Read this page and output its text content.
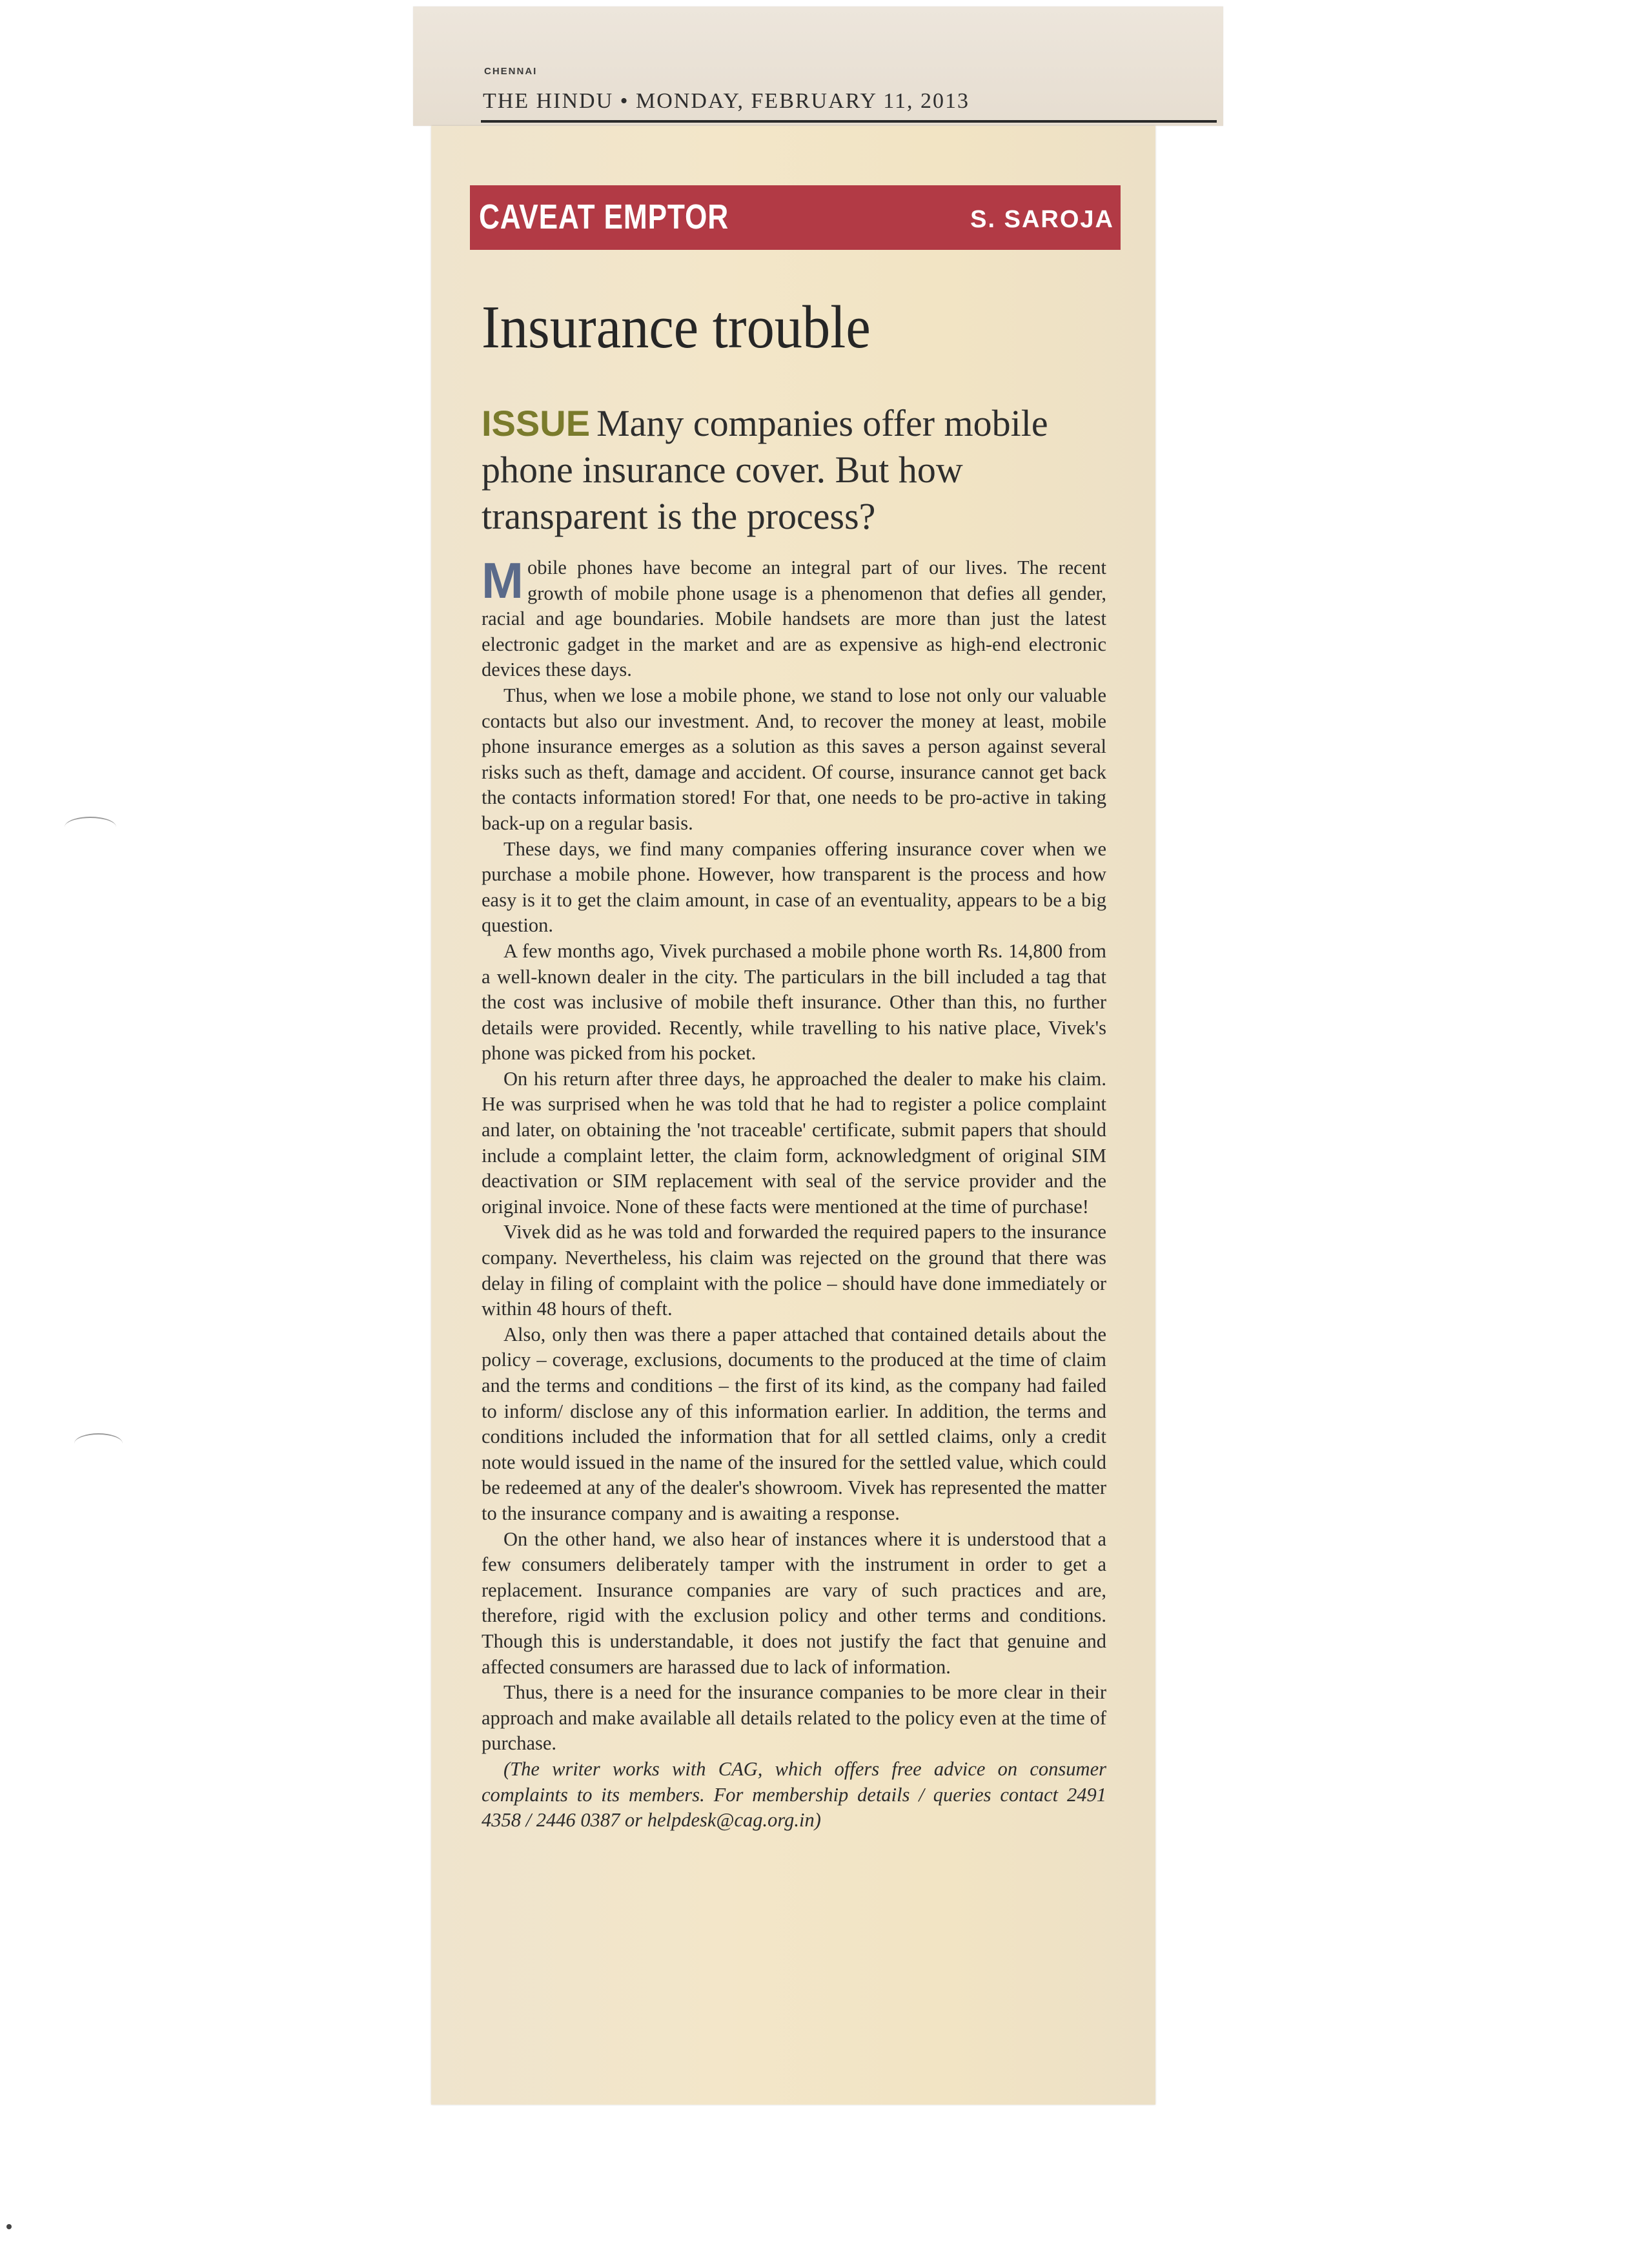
CHENNAI
THE HINDU • MONDAY, FEBRUARY 11, 2013
CAVEAT EMPTOR	S. SAROJA
Insurance trouble
ISSUE Many companies offer mobile phone insurance cover. But how transparent is the process?

Mobile phones have become an integral part of our lives. The recent growth of mobile phone usage is a phenomenon that defies all gender, racial and age boundaries. Mobile handsets are more than just the latest electronic gadget in the market and are as expensive as high-end electronic devices these days.

Thus, when we lose a mobile phone, we stand to lose not only our valuable contacts but also our investment. And, to recover the money at least, mobile phone insurance emerges as a solution as this saves a person against several risks such as theft, damage and accident. Of course, insurance cannot get back the contacts information stored! For that, one needs to be pro-active in taking back-up on a regular basis.

These days, we find many companies offering insurance cover when we purchase a mobile phone. However, how transparent is the process and how easy is it to get the claim amount, in case of an eventuality, appears to be a big question.

A few months ago, Vivek purchased a mobile phone worth Rs. 14,800 from a well-known dealer in the city. The particulars in the bill included a tag that the cost was inclusive of mobile theft insurance. Other than this, no further details were provided. Recently, while travelling to his native place, Vivek's phone was picked from his pocket.

On his return after three days, he approached the dealer to make his claim. He was surprised when he was told that he had to register a police complaint and later, on obtaining the 'not traceable' certificate, submit papers that should include a complaint letter, the claim form, acknowledgment of original SIM deactivation or SIM replacement with seal of the service provider and the original invoice. None of these facts were mentioned at the time of purchase!

Vivek did as he was told and forwarded the required papers to the insurance company. Nevertheless, his claim was rejected on the ground that there was delay in filing of complaint with the police – should have done immediately or within 48 hours of theft.

Also, only then was there a paper attached that contained details about the policy – coverage, exclusions, documents to the produced at the time of claim and the terms and conditions – the first of its kind, as the company had failed to inform/ disclose any of this information earlier. In addition, the terms and conditions included the information that for all settled claims, only a credit note would issued in the name of the insured for the settled value, which could be redeemed at any of the dealer's showroom. Vivek has represented the matter to the insurance company and is awaiting a response.

On the other hand, we also hear of instances where it is understood that a few consumers deliberately tamper with the instrument in order to get a replacement. Insurance companies are vary of such practices and are, therefore, rigid with the exclusion policy and other terms and conditions. Though this is understandable, it does not justify the fact that genuine and affected consumers are harassed due to lack of information.

Thus, there is a need for the insurance companies to be more clear in their approach and make available all details related to the policy even at the time of purchase.

(The writer works with CAG, which offers free advice on consumer complaints to its members. For membership details / queries contact 2491 4358 / 2446 0387 or helpdesk@cag.org.in)
